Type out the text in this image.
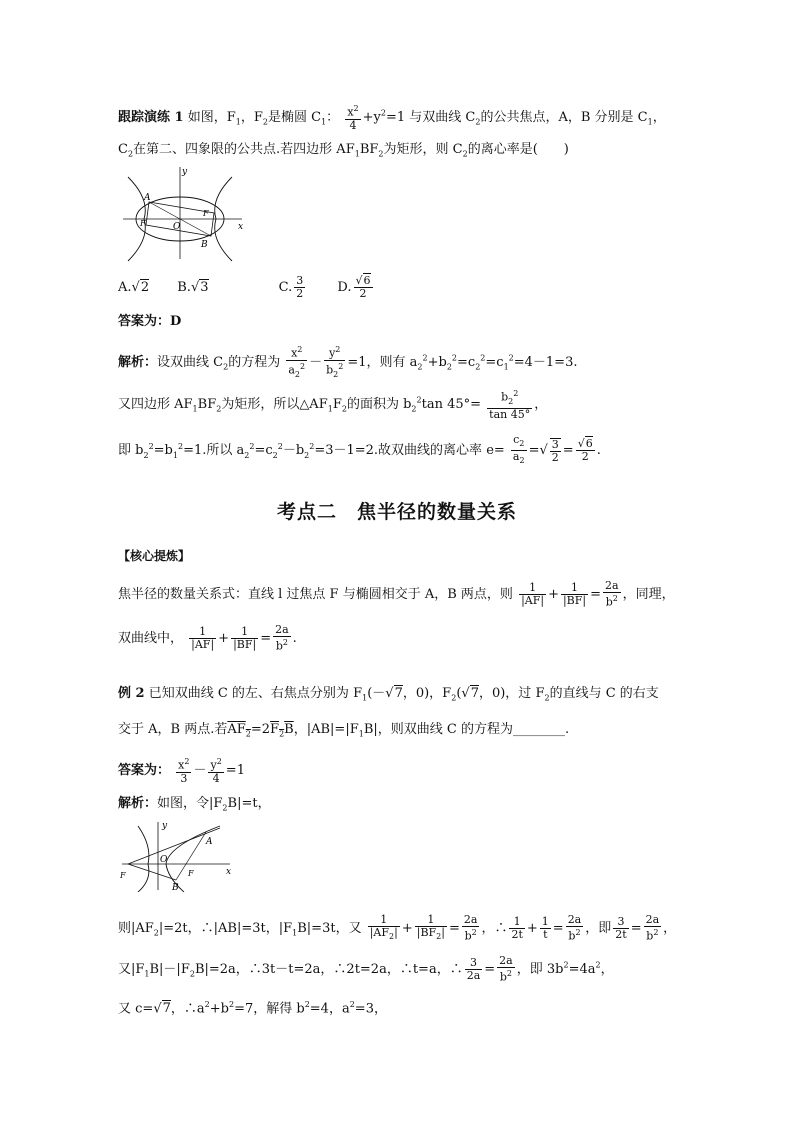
跟踪演练 1 如图，$F_1$，$F_2$是椭圆 $C_1$： $\frac{x^2}{4} +y^2=1$ 与双曲线 $C_2$的公共焦点，A，B 分别是 $C_1$，
$C_2$在第二、四象限的公共点.若四边形 $AF_1BF_2$为矩形，则 $C_2$的离心率是(　　)
y
x
A
B
O
F
F
A.√2 B.√3	C. $\frac{3}{2} D$. $\frac{√6}{2}$
答案为：D
解析：设双曲线 $C_2$的方程为 $\frac{x^2}{a_2^2} - \frac{y^2}{b_2^2} =1$，则有 $a_2^2+b_2^2=c_2^2=c_1^2=4-1=3$.
又四边形 $AF_1BF_2$为矩形，所以$\triangle AF_1F_2$的面积为 $b_2^2\tan$ $45^\circ= \frac{b_2^2}{\tan 45^\circ}$ ，
即 $b_2^2=b_1^2=1$.所以 $a_2^2=c_2^2-b_2^2=3-1=2$.故双曲线的离心率 $e= \frac{c_2}{a_2}$ =√ $\frac{3}{2} = \frac{√6}{2}$ .
考点二　焦半径的数量关系
【核心提炼】
焦半径的数量关系式：直线 l 过焦点 F 与椭圆相交于 A，B 两点，则 $\frac{1}{|AF|} + \frac{1}{|BF|} = \frac{2a}{b^2}$ ，同理，
双曲线中， $\frac{1}{|AF|} + \frac{1}{|BF|} = \frac{2a}{b^2}$ .
例 2 已知双曲线 C 的左、右焦点分别为 $F_1(-√7$，0)，$F_2(√7$，0)，过 $F_2$的直线与 C 的右支
交于 A，B 两点.若$AF_2=2F_2B$，$|AB|=|F_1B|$，则双曲线 C 的方程为________.
答案为： $\frac{x^2}{3} - \frac{y^2}{4} =1$
解析：如图，令$|F_2B|=t$，
y
x
A
B
O
F	F
则$|AF_2|=2t$，∴|AB|=3t，$|F_1B|=3t$，又 $\frac{1}{|AF_2|} + \frac{1}{|BF_2|} = \frac{2a}{b^2}$ ，∴ $\frac{1}{2t} + \frac{1}{t} = \frac{2a}{b^2}$ ，即 $\frac{3}{2t} = \frac{2a}{b^2}$ ，
又$|F_1B|-|F_2B|=2a$，∴3t－t=2a，∴2t=2a，∴t=a，∴ $\frac{3}{2a} = \frac{2a}{b^2}$ ，即 $3b^2=4a^2$，
又 c=√7，$\therefore a^2+b^2=7$，解得 $b^2=4$，$a^2=3$，
